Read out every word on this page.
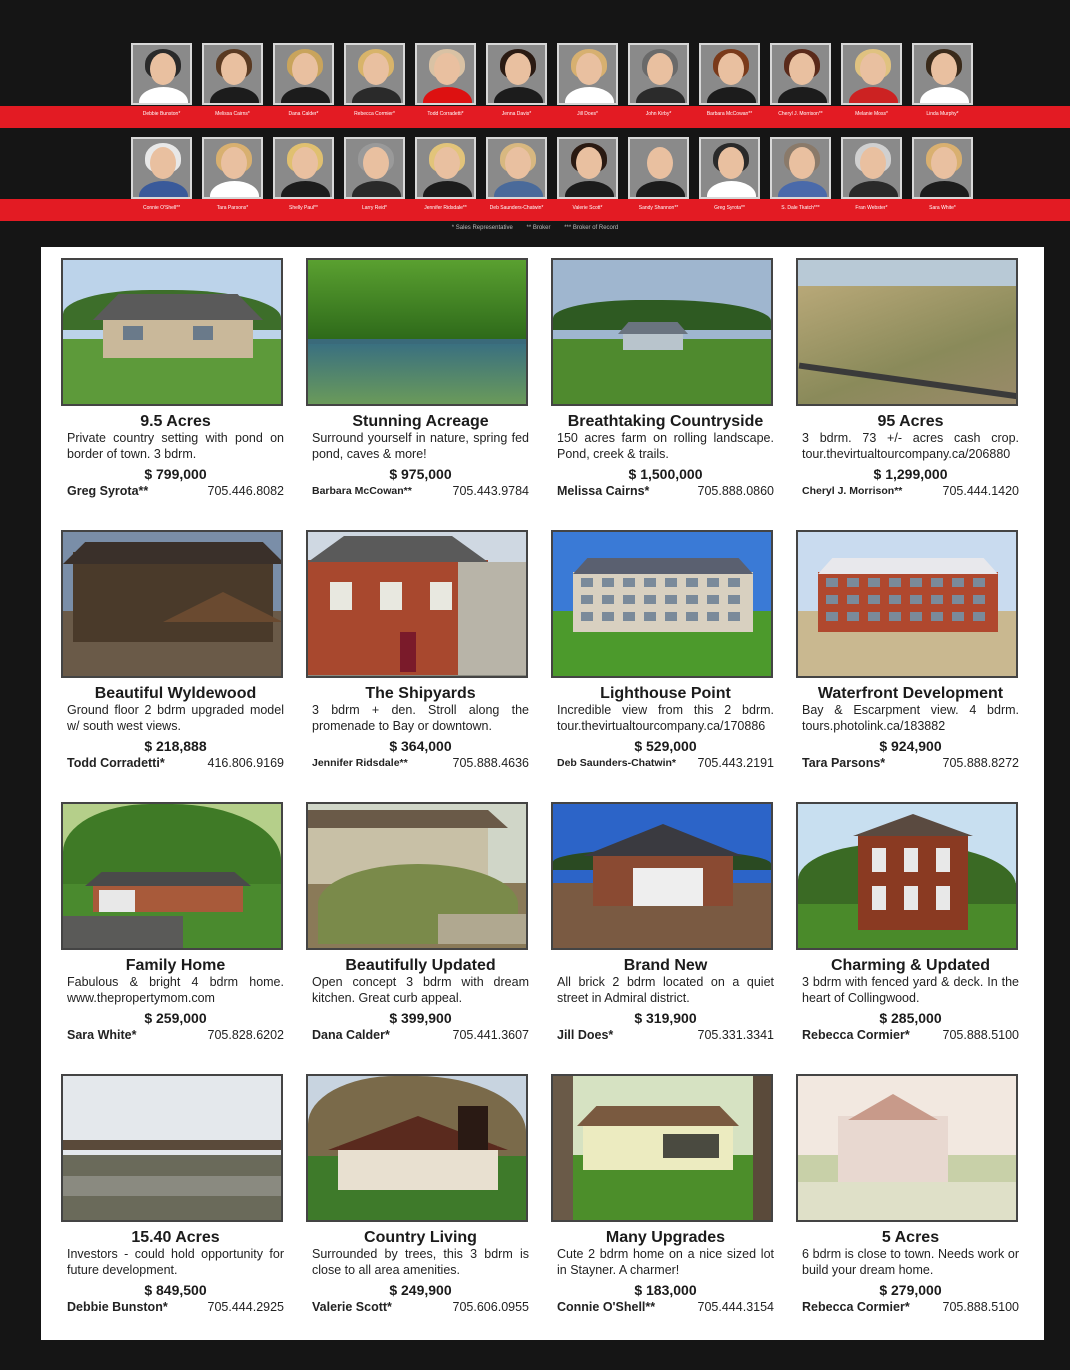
Debbie Bunston*	Melissa Cairns*	Dana Calder*	Rebecca Cormier*	Todd Corradetti*	Jenna Davis*	Jill Does*	John Kirby*	Barbara McCowan**	Cheryl J. Morrison**	Melanie Moss*	Linda Murphy*
Connie O'Shell**	Tara Parsons*	Shelly Paul**	Larry Reid*	Jennifer Ridsdale**	Deb Saunders-Chatwin*	Valerie Scott*	Sandy Shannon**	Greg Syrota**	S. Dale Tkatch***	Fran Webster*	Sara White*
* Sales Representative ** Broker *** Broker of Record
9.5 Acres
Private country setting with pond on border of town. 3 bdrm.
$ 799,000
Greg Syrota**	705.446.8082
Stunning Acreage
Surround yourself in nature, spring fed pond, caves & more!
$ 975,000
Barbara McCowan**	705.443.9784
Breathtaking Countryside
150 acres farm on rolling landscape. Pond, creek & trails.
$ 1,500,000
Melissa Cairns*	705.888.0860
95 Acres
3 bdrm. 73 +/- acres cash crop. tour.thevirtualtourcompany.ca/206880
$ 1,299,000
Cheryl J. Morrison**	705.444.1420
Beautiful Wyldewood
Ground floor 2 bdrm upgraded model w/ south west views.
$ 218,888
Todd Corradetti*	416.806.9169
The Shipyards
3 bdrm + den. Stroll along the promenade to Bay or downtown.
$ 364,000
Jennifer Ridsdale**	705.888.4636
Lighthouse Point
Incredible view from this 2 bdrm. tour.thevirtualtourcompany.ca/170886
$ 529,000
Deb Saunders-Chatwin* 705.443.2191
Waterfront Development
Bay & Escarpment view. 4 bdrm. tours.photolink.ca/183882
$ 924,900
Tara Parsons*	705.888.8272
Family Home
Fabulous & bright 4 bdrm home. www.thepropertymom.com
$ 259,000
Sara White*	705.828.6202
Beautifully Updated
Open concept 3 bdrm with dream kitchen. Great curb appeal.
$ 399,900
Dana Calder*	705.441.3607
Brand New
All brick 2 bdrm located on a quiet street in Admiral district.
$ 319,900
Jill Does*	705.331.3341
Charming & Updated
3 bdrm with fenced yard & deck. In the heart of Collingwood.
$ 285,000
Rebecca Cormier*	705.888.5100
15.40 Acres
Investors - could hold opportunity for future development.
$ 849,500
Debbie Bunston*	705.444.2925
Country Living
Surrounded by trees, this 3 bdrm is close to all area amenities.
$ 249,900
Valerie Scott*	705.606.0955
Many Upgrades
Cute 2 bdrm home on a nice sized lot in Stayner. A charmer!
$ 183,000
Connie O'Shell**	705.444.3154
5 Acres
6 bdrm is close to town. Needs work or build your dream home.
$ 279,000
Rebecca Cormier*	705.888.5100
